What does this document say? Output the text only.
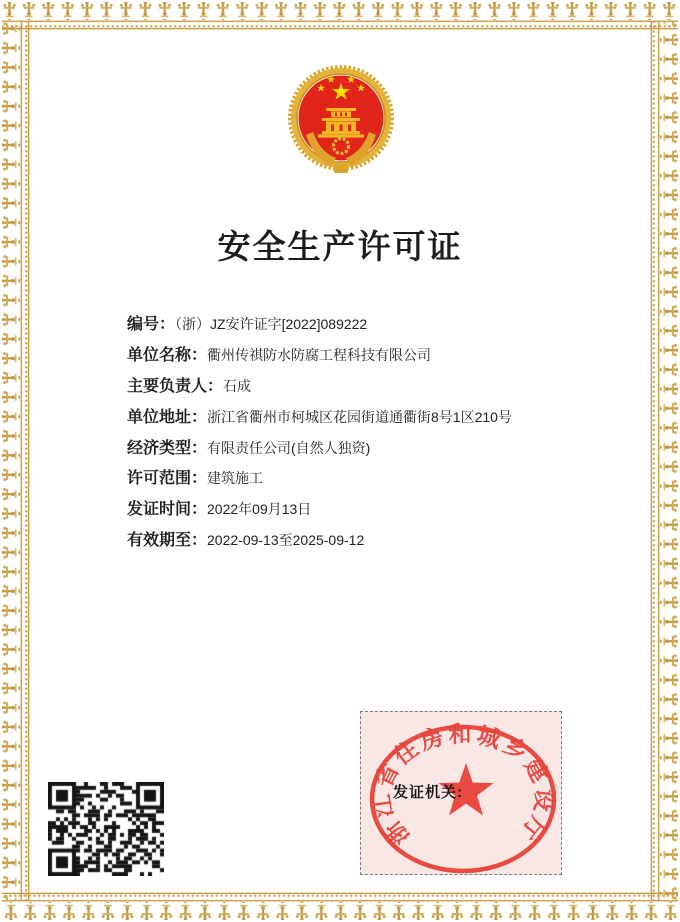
安全生产许可证
编号：（浙）JZ安许证字[2022]089222
单位名称：衢州传祺防水防腐工程科技有限公司
主要负责人：石成
单位地址：浙江省衢州市柯城区花园街道通衢街8号1区210号
经济类型：有限责任公司(自然人独资)
许可范围：建筑施工
发证时间：2022年09月13日
有效期至：2022-09-13至2025-09-12
浙江省住房和城乡建设厅
发证机关:
